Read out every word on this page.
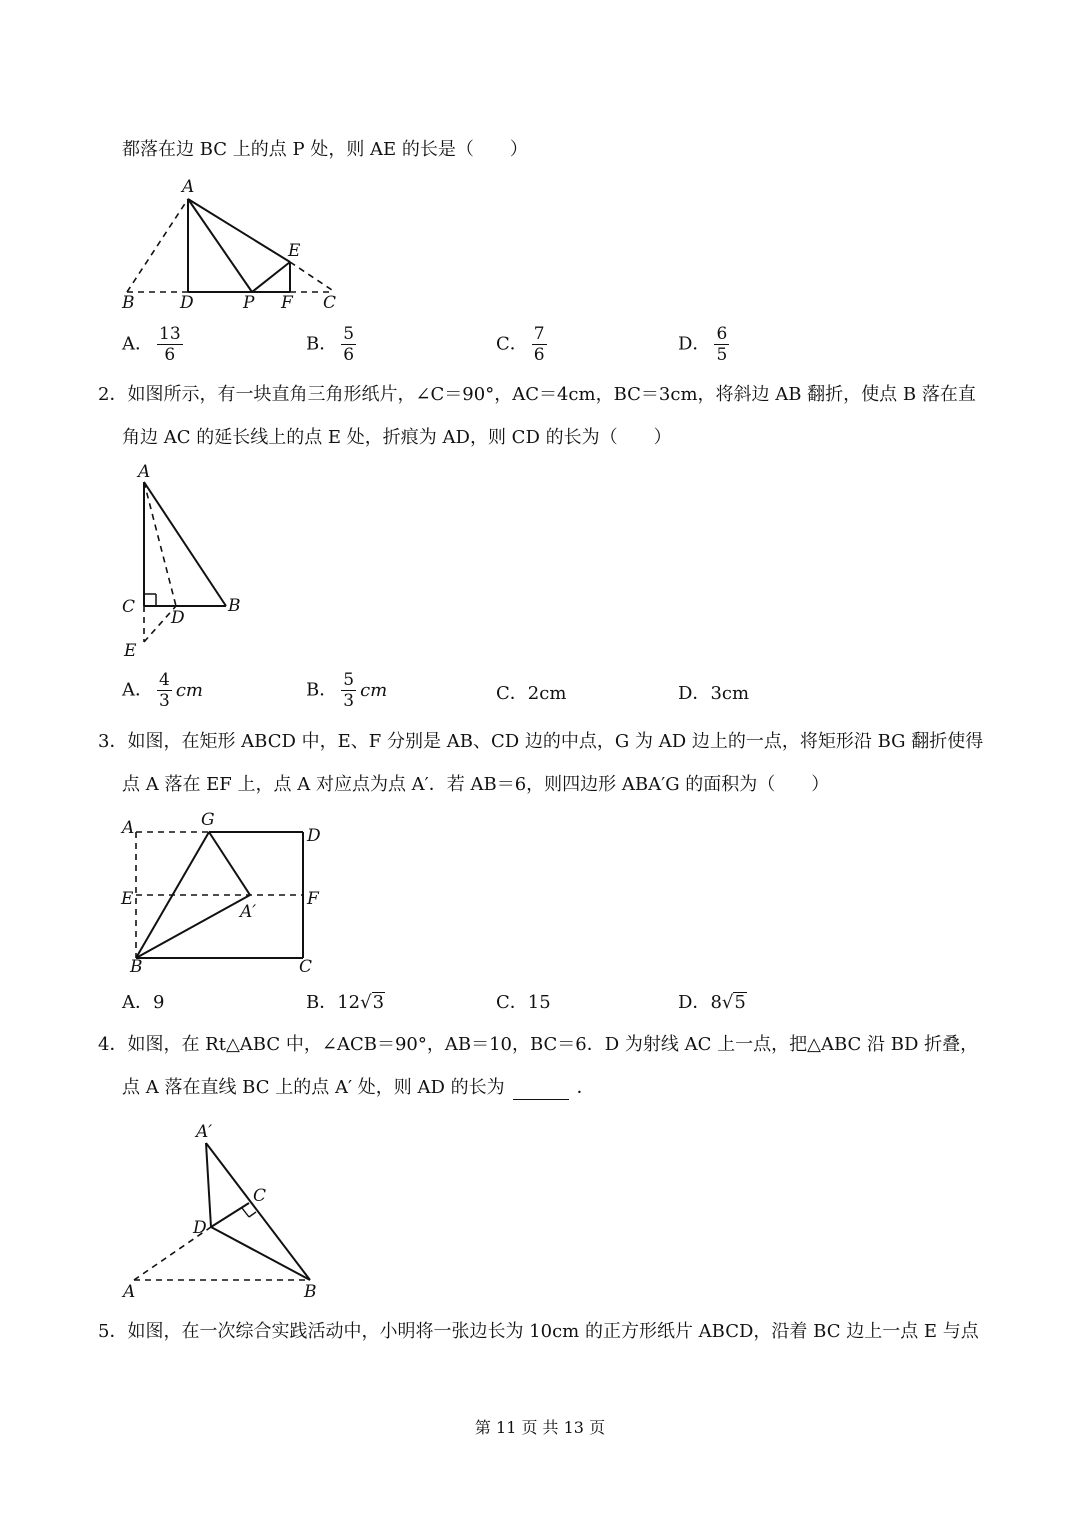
都落在边 BC 上的点 P 处，则 AE 的长是（　　）
A
B	D	P F C
E
A． $\frac{13}{6}$	B． $\frac{5}{6}$	C． $\frac{7}{6}$	D． $\frac{6}{5}$
2．如图所示，有一块直角三角形纸片，∠C＝90°，AC＝4cm，BC＝3cm，将斜边 AB 翻折，使点 B 落在直
角边 AC 的延长线上的点 E 处，折痕为 AD，则 CD 的长为（　　）
A
C
D
B
E
A． $\frac{4}{3}$ cm	B． $\frac{5}{3}$ cm	C．2cm	D．3cm
3．如图，在矩形 ABCD 中，E、F 分别是 AB、CD 边的中点，G 为 AD 边上的一点，将矩形沿 BG 翻折使得
点 A 落在 EF 上，点 A 对应点为点 A′．若 AB＝6，则四边形 ABA′G 的面积为（　　）
A	G
D
E	F
A′
B	C
A．9	B．12√3	C．15	D．8√5
4．如图，在 Rt△ABC 中，∠ACB＝90°，AB＝10，BC＝6．D 为射线 AC 上一点，把△ABC 沿 BD 折叠，
点 A 落在直线 BC 上的点 A′ 处，则 AD 的长为	．
A′
C
D
A	B
5．如图，在一次综合实践活动中，小明将一张边长为 10cm 的正方形纸片 ABCD，沿着 BC 边上一点 E 与点
第 11 页 共 13 页
